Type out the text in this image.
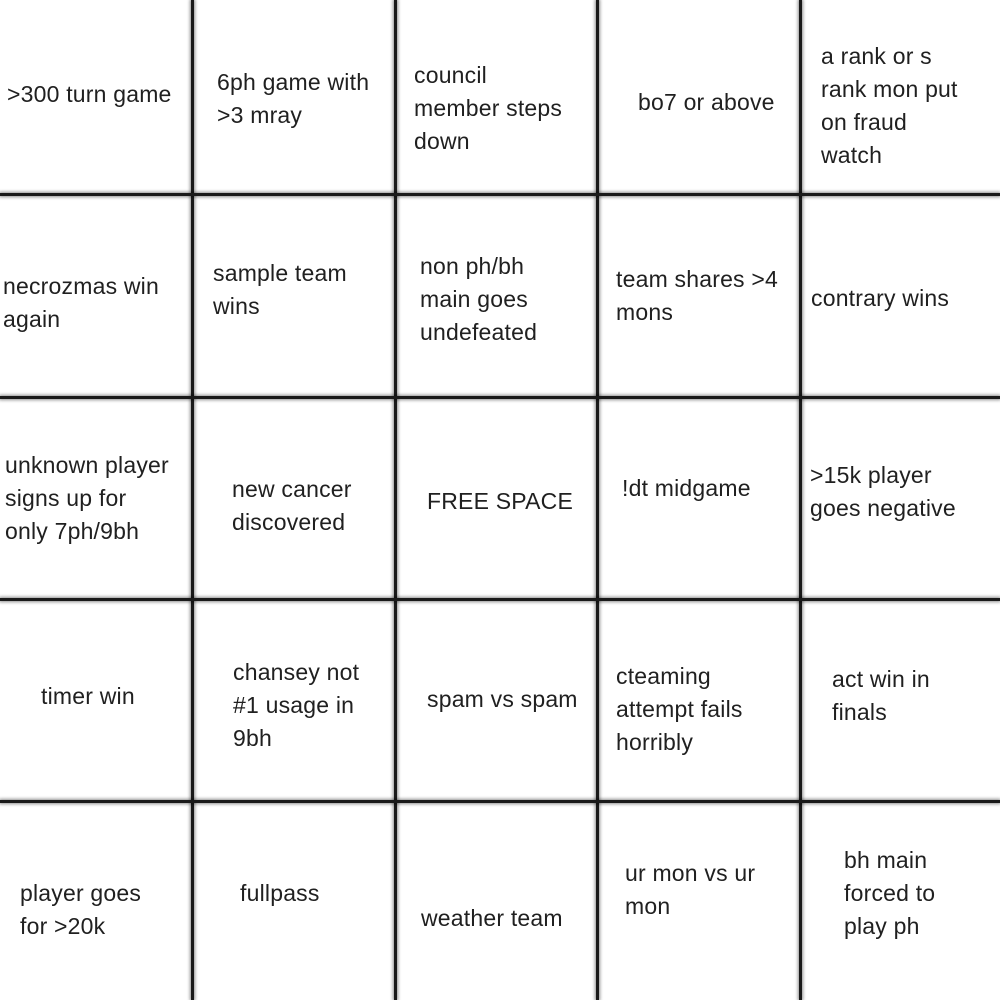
>300 turn game 6ph game with
>3 mray
council
member steps
down
bo7 or above
a rank or s
rank mon put
on fraud
watch
necrozmas win
again
sample team
wins
non ph/bh
main goes
undefeated
team shares >4
mons
contrary wins
unknown player
signs up for
only 7ph/9bh
new cancer
discovered
FREE SPACE !dt midgame	>15k player
goes negative
timer win
chansey not
#1 usage in
9bh
spam vs spam
cteaming
attempt fails
horribly
act win in
finals
player goes
for >20k
fullpass
weather team
ur mon vs ur
mon
bh main
forced to
play ph
